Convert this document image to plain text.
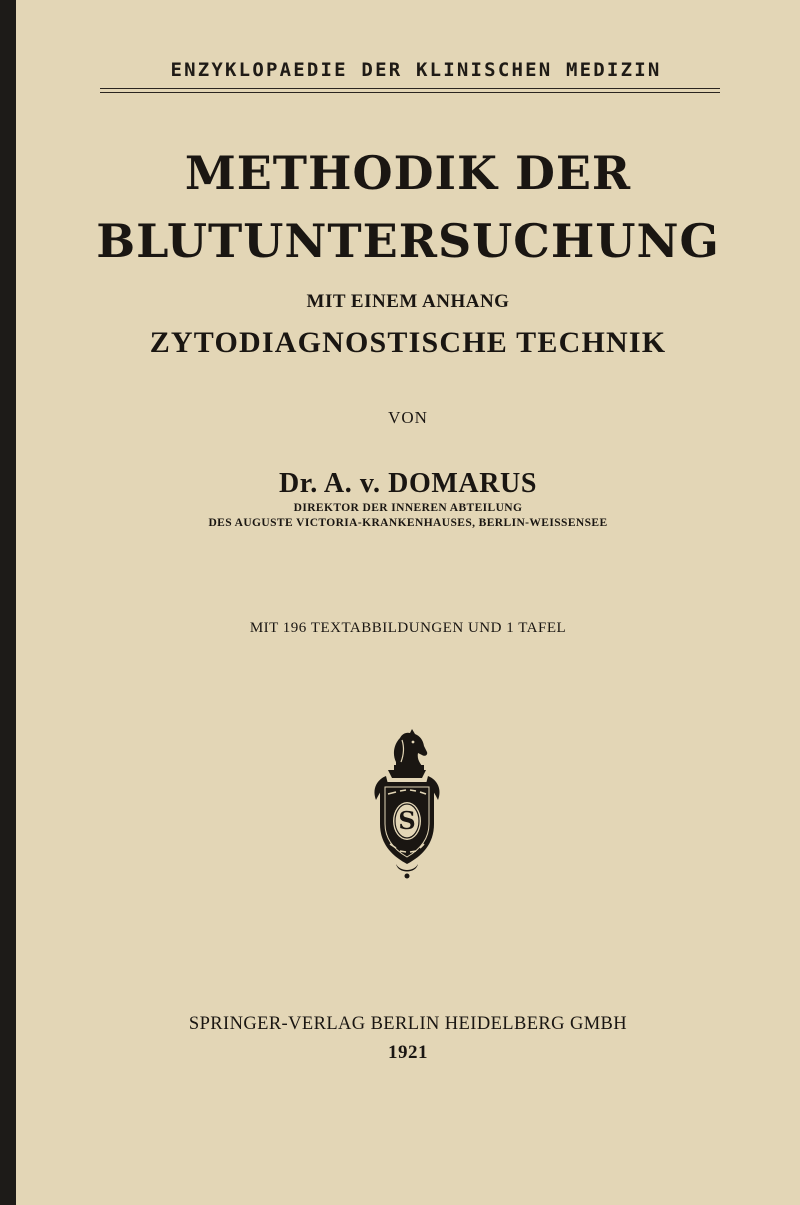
ENZYKLOPAEDIE DER KLINISCHEN MEDIZIN
METHODIK DER
BLUTUNTERSUCHUNG
MIT EINEM ANHANG
ZYTODIAGNOSTISCHE TECHNIK
VON
Dr. A. v. DOMARUS
DIREKTOR DER INNEREN ABTEILUNG
DES AUGUSTE VICTORIA-KRANKENHAUSES, BERLIN-WEISSENSEE
MIT 196 TEXTABBILDUNGEN UND 1 TAFEL
S
SPRINGER-VERLAG BERLIN HEIDELBERG GMBH
1921
